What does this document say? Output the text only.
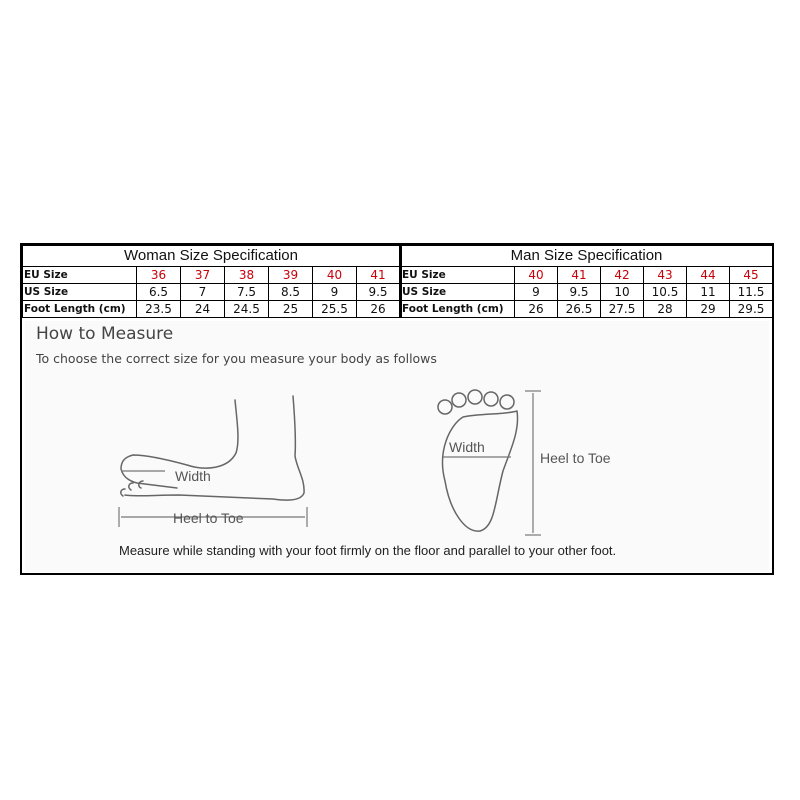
Woman Size Specification						
EU Size	36	37	38	39	40	41
US Size	6.5	7	7.5	8.5	9	9.5
Foot Length (cm)	23.5	24	24.5	25	25.5	26
Man Size Specification						
EU Size	40	41	42	43	44	45
US Size	9	9.5	10	10.5	11	11.5
Foot Length (cm)	26	26.5	27.5	28	29	29.5
Width
Heel to Toe
Width
Heel to Toe
How to Measure
To choose the correct size for you measure your body as follows
Measure while standing with your foot firmly on the floor and parallel to your other foot.
